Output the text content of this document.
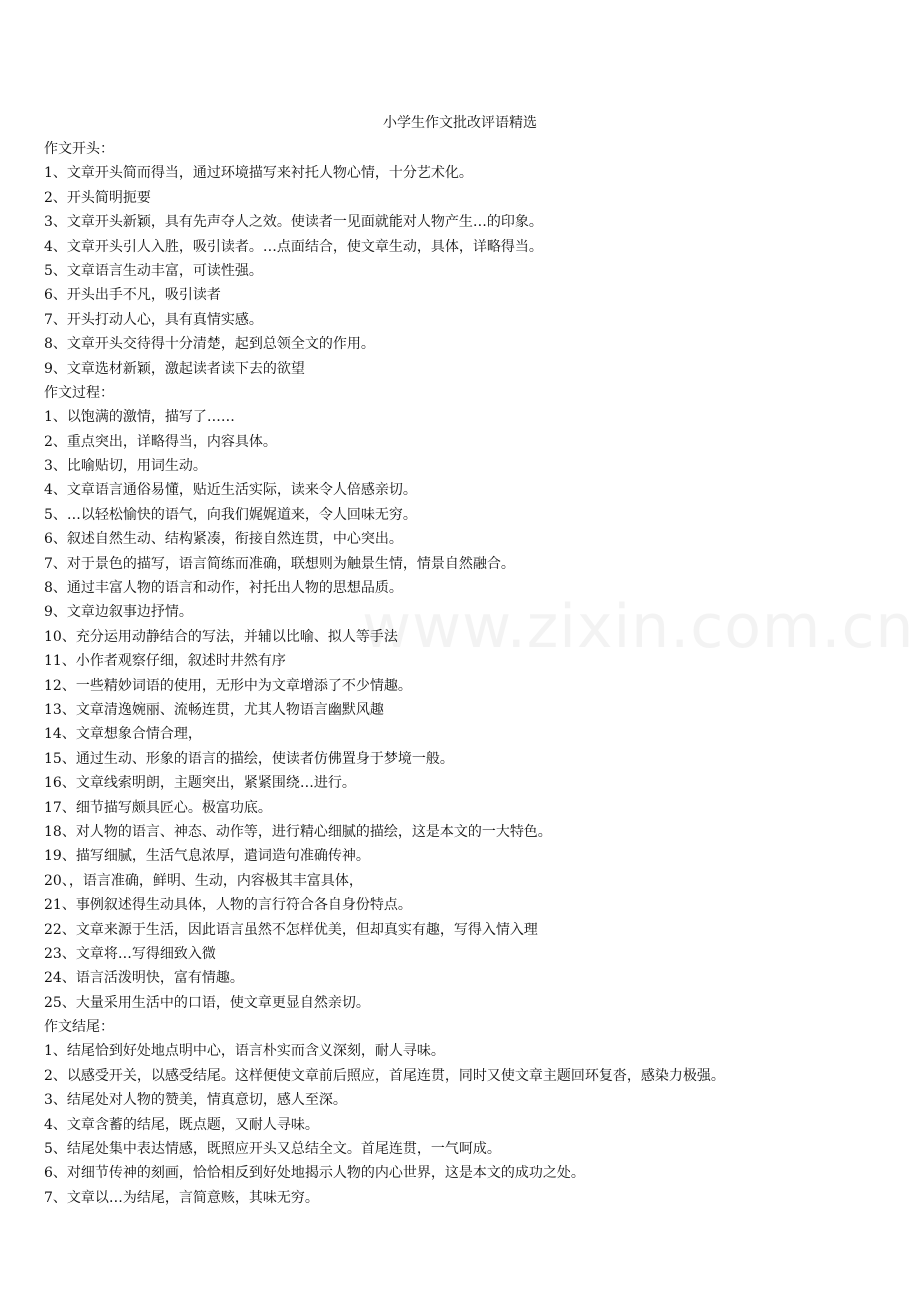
www.zixin.com.cn
小学生作文批改评语精选
作文开头：
1、文章开头简而得当，通过环境描写来衬托人物心情，十分艺术化。
2、开头简明扼要
3、文章开头新颖，具有先声夺人之效。使读者一见面就能对人物产生…的印象。
4、文章开头引人入胜，吸引读者。…点面结合，使文章生动，具体，详略得当。
5、文章语言生动丰富，可读性强。
6、开头出手不凡，吸引读者
7、开头打动人心，具有真情实感。
8、文章开头交待得十分清楚，起到总领全文的作用。
9、文章选材新颖，激起读者读下去的欲望
作文过程：
1、以饱满的激情，描写了……
2、重点突出，详略得当，内容具体。
3、比喻贴切，用词生动。
4、文章语言通俗易懂，贴近生活实际，读来令人倍感亲切。
5、…以轻松愉快的语气，向我们娓娓道来，令人回味无穷。
6、叙述自然生动、结构紧凑，衔接自然连贯，中心突出。
7、对于景色的描写，语言简练而准确，联想则为触景生情，情景自然融合。
8、通过丰富人物的语言和动作，衬托出人物的思想品质。
9、文章边叙事边抒情。
10、充分运用动静结合的写法，并辅以比喻、拟人等手法
11、小作者观察仔细，叙述时井然有序
12、一些精妙词语的使用，无形中为文章增添了不少情趣。
13、文章清逸婉丽、流畅连贯，尤其人物语言幽默风趣
14、文章想象合情合理，
15、通过生动、形象的语言的描绘，使读者仿佛置身于梦境一般。
16、文章线索明朗，主题突出，紧紧围绕…进行。
17、细节描写颇具匠心。极富功底。
18、对人物的语言、神态、动作等，进行精心细腻的描绘，这是本文的一大特色。
19、描写细腻，生活气息浓厚，遣词造句准确传神。
20、，语言准确，鲜明、生动，内容极其丰富具体，
21、事例叙述得生动具体，人物的言行符合各自身份特点。
22、文章来源于生活，因此语言虽然不怎样优美，但却真实有趣，写得入情入理
23、文章将…写得细致入微
24、语言活泼明快，富有情趣。
25、大量采用生活中的口语，使文章更显自然亲切。
作文结尾：
1、结尾恰到好处地点明中心，语言朴实而含义深刻，耐人寻味。
2、以感受开关，以感受结尾。这样便使文章前后照应，首尾连贯，同时又使文章主题回环复沓，感染力极强。
3、结尾处对人物的赞美，情真意切，感人至深。
4、文章含蓄的结尾，既点题，又耐人寻味。
5、结尾处集中表达情感，既照应开头又总结全文。首尾连贯，一气呵成。
6、对细节传神的刻画，恰恰相反到好处地揭示人物的内心世界，这是本文的成功之处。
7、文章以…为结尾，言简意赅，其味无穷。
